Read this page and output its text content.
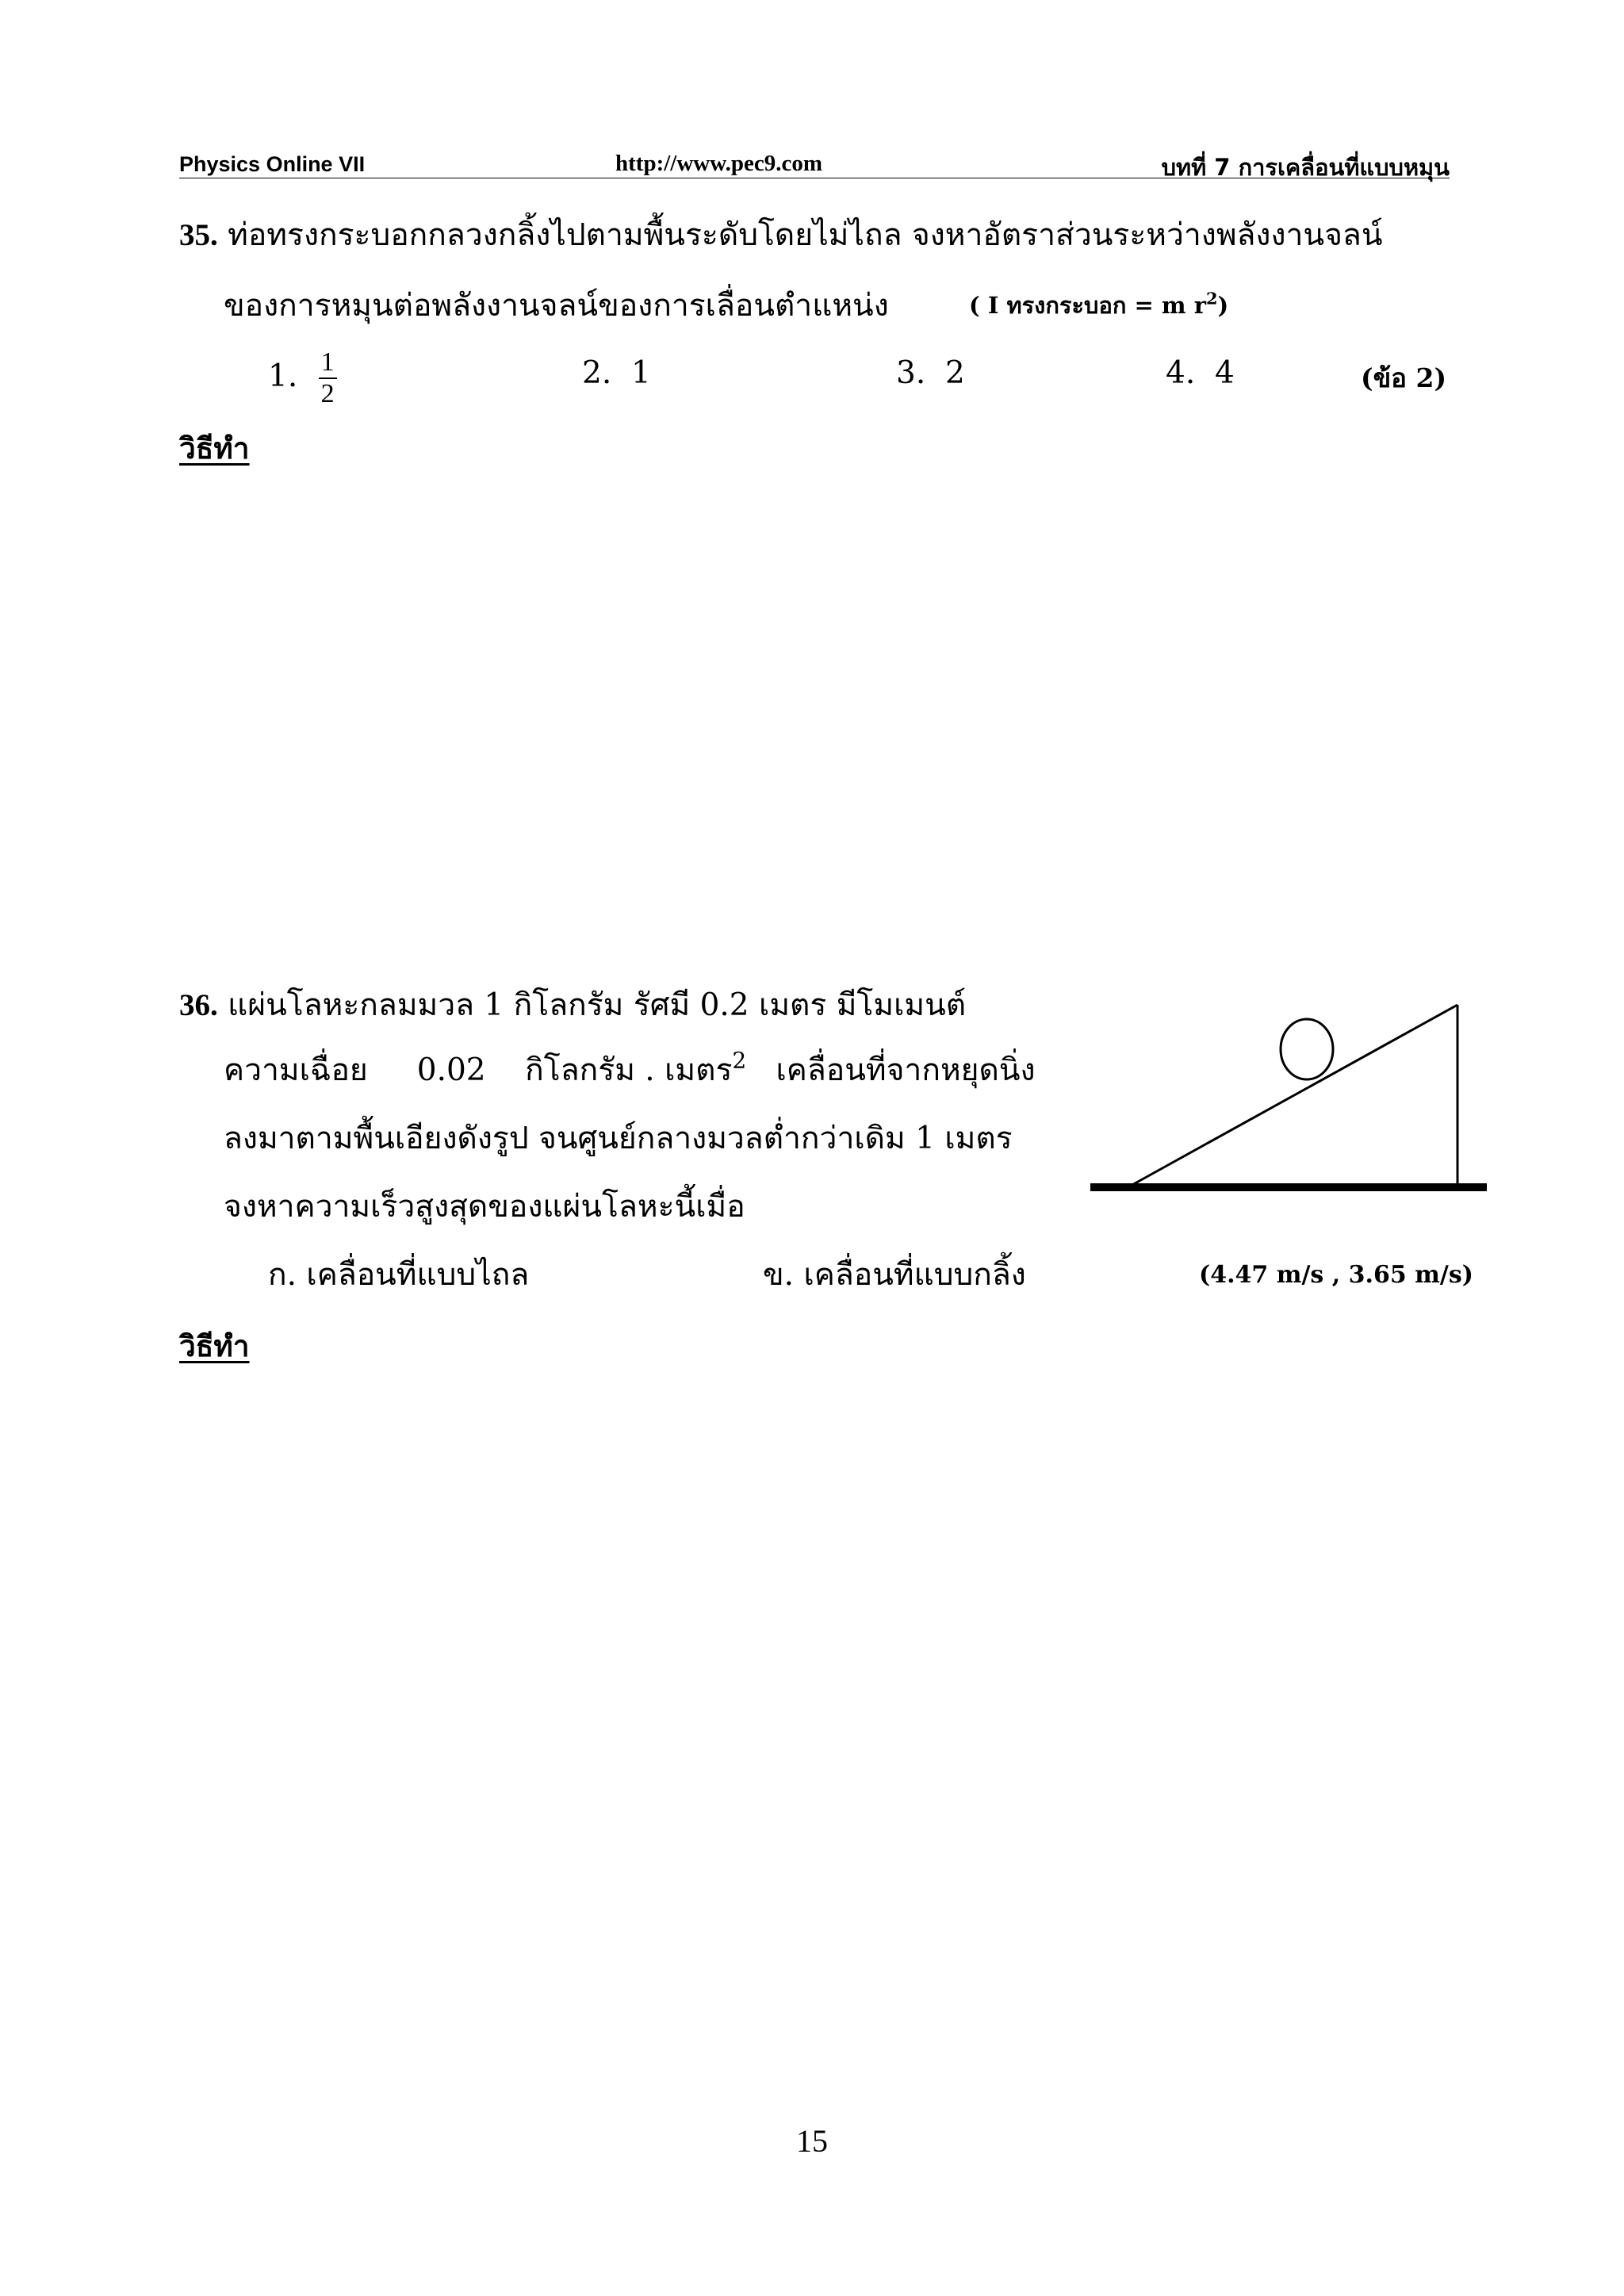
Physics Online VII	http://www.pec9.com	บทที่ 7 การเคลื่อนที่แบบหมุน
35. ท่อทรงกระบอกกลวงกลิ้งไปตามพื้นระดับโดยไม่ไถล จงหาอัตราส่วนระหว่างพลังงานจลน์
ของการหมุนต่อพลังงานจลน์ของการเลื่อนตำแหน่ง	( I ทรงกระบอก = m $r^2$)
1. $\frac{1}{2}$	2. 1	3. 2	4. 4	(ข้อ 2)
วิธีทำ
36. แผ่นโลหะกลมมวล 1 กิโลกรัม รัศมี 0.2 เมตร มีโมเมนต์
ความเฉื่อย     0.02    กิโลกรัม . เมตร$^2$   เคลื่อนที่จากหยุดนิ่ง
ลงมาตามพื้นเอียงดังรูป จนศูนย์กลางมวลต่ำกว่าเดิม 1 เมตร
จงหาความเร็วสูงสุดของแผ่นโลหะนี้เมื่อ
ก. เคลื่อนที่แบบไถล	ข. เคลื่อนที่แบบกลิ้ง	(4.47 m/s , 3.65 m/s)
วิธีทำ
15
